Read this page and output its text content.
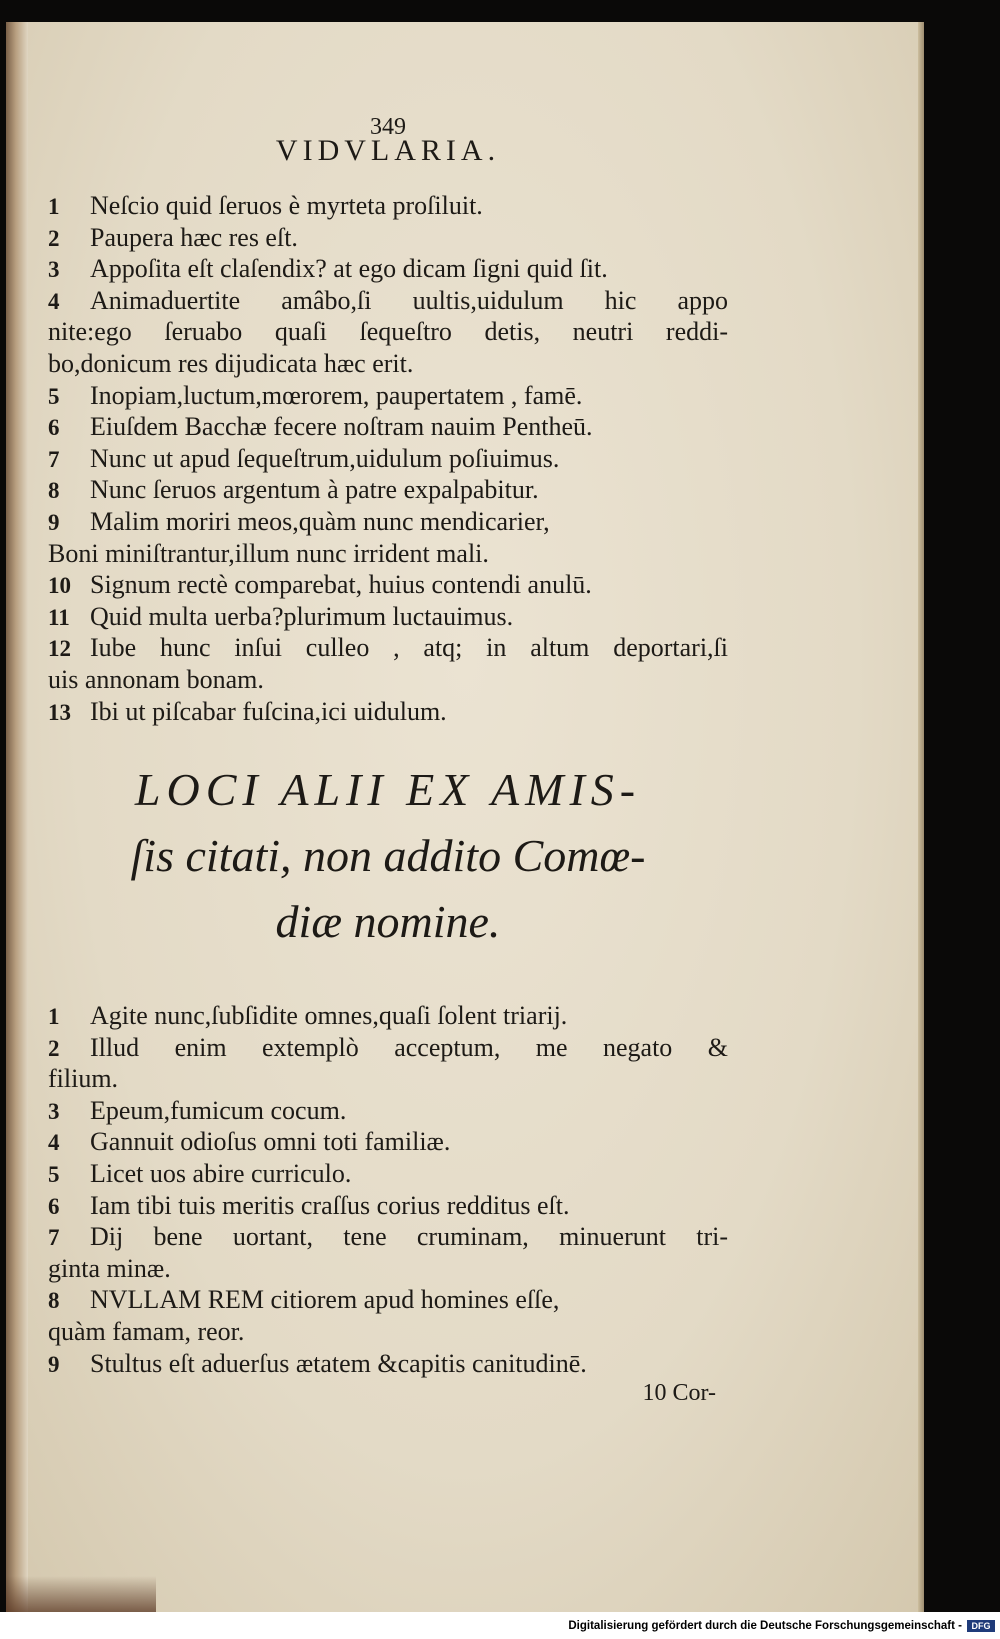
349
VIDVLARIA.
1	Neſcio quid ſeruos è myrteta proſiluit.
2	Paupera hæc res eſt.
3	Appoſita eſt claſendix? at ego dicam ſigni quid ſit.
4	Animaduertite amâbo,ſi uultis,uidulum hic appo
nite:ego ſeruabo quaſi ſequeſtro detis, neutri reddi-
bo,donicum res dijudicata hæc erit.
5	Inopiam,luctum,mœrorem, paupertatem , famē.
6	Eiuſdem Bacchæ fecere noſtram nauim Pentheū.
7	Nunc ut apud ſequeſtrum,uidulum poſiuimus.
8	Nunc ſeruos argentum à patre expalpabitur.
9	Malim moriri meos,quàm nunc mendicarier,
Boni miniſtrantur,illum nunc irrident mali.
10 Signum rectè comparebat, huius contendi anulū.
11 Quid multa uerba?plurimum luctauimus.
12 Iube hunc inſui culleo , atq; in altum deportari,ſi
uis annonam bonam.
13 Ibi ut piſcabar fuſcina,ici uidulum.
LOCI ALII EX AMIS-
ſis citati, non addito Comœ-
diæ nomine.
1	Agite nunc,ſubſidite omnes,quaſi ſolent triarij.
2	Illud enim extemplò acceptum, me negato &
filium.
3	Epeum,fumicum cocum.
4	Gannuit odioſus omni toti familiæ.
5	Licet uos abire curriculo.
6	Iam tibi tuis meritis craſſus corius redditus eſt.
7	Dij bene uortant, tene cruminam, minuerunt tri-
ginta minæ.
8	NVLLAM REM citiorem apud homines eſſe,
quàm famam, reor.
9	Stultus eſt aduerſus ætatem &capitis canitudinē.
10 Cor-
Digitalisierung gefördert durch die Deutsche Forschungsgemeinschaft -	DFG
